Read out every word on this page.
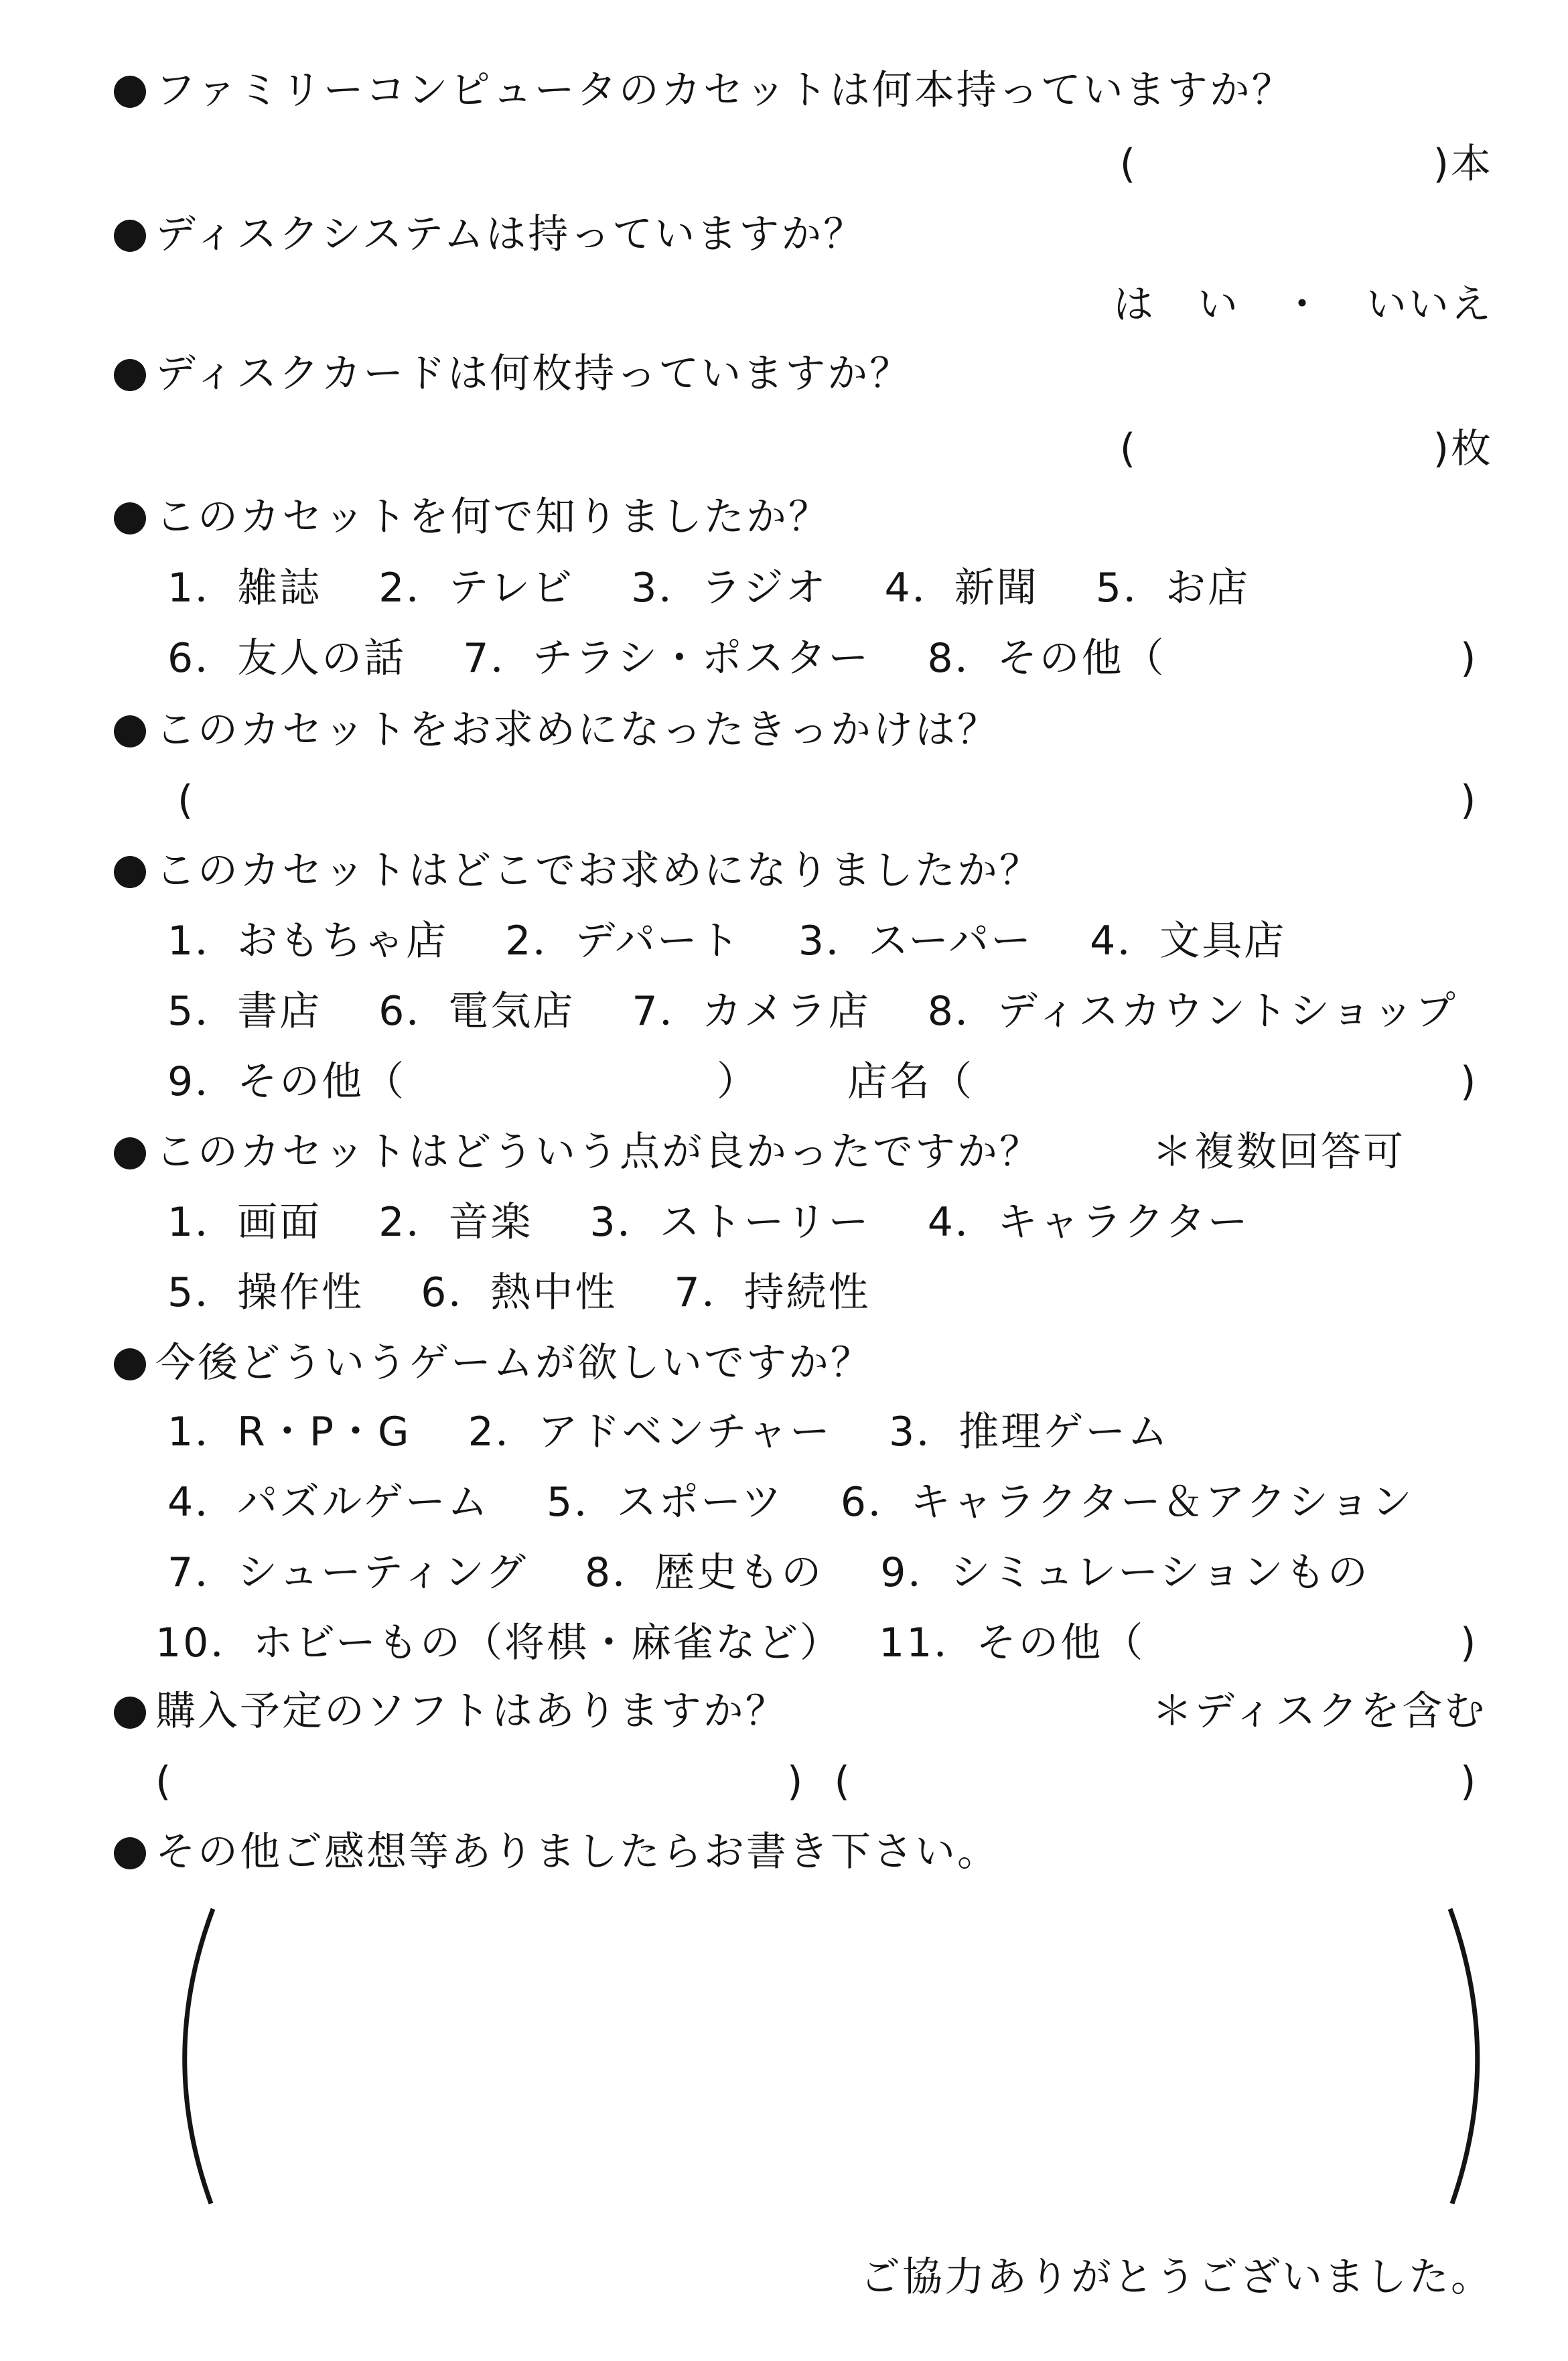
ファミリーコンピュータのカセットは何本持っていますか？
(                    )本
ディスクシステムは持っていますか？
は　い　・　いいえ
ディスクカードは何枚持っていますか？
(                    )枚
このカセットを何で知りましたか？
1．雑誌　 2．テレビ　 3．ラジオ　 4．新聞　 5．お店
6．友人の話　 7．チラシ・ポスター　 8．その他（	)
このカセットをお求めになったきっかけは？
(	)
このカセットはどこでお求めになりましたか？
1．おもちゃ店　 2．デパート　 3．スーパー　 4．文具店
5．書店　 6．電気店　 7．カメラ店　 8．ディスカウントショップ
9．その他（	） 店名（	)
このカセットはどういう点が良かったですか？	＊複数回答可
1．画面　 2．音楽　 3．ストーリー　 4．キャラクター
5．操作性　 6．熱中性　 7．持続性
今後どういうゲームが欲しいですか？
1．R・P・G　 2．アドベンチャー　 3．推理ゲーム
4．パズルゲーム　 5．スポーツ　 6．キャラクター＆アクション
7．シューティング　 8．歴史もの　 9．シミュレーションもの
10．ホビーもの（将棋・麻雀など）　 11．その他（	)
購入予定のソフトはありますか？	＊ディスクを含む
(	)  (	)
その他ご感想等ありましたらお書き下さい。
ご協力ありがとうございました。
